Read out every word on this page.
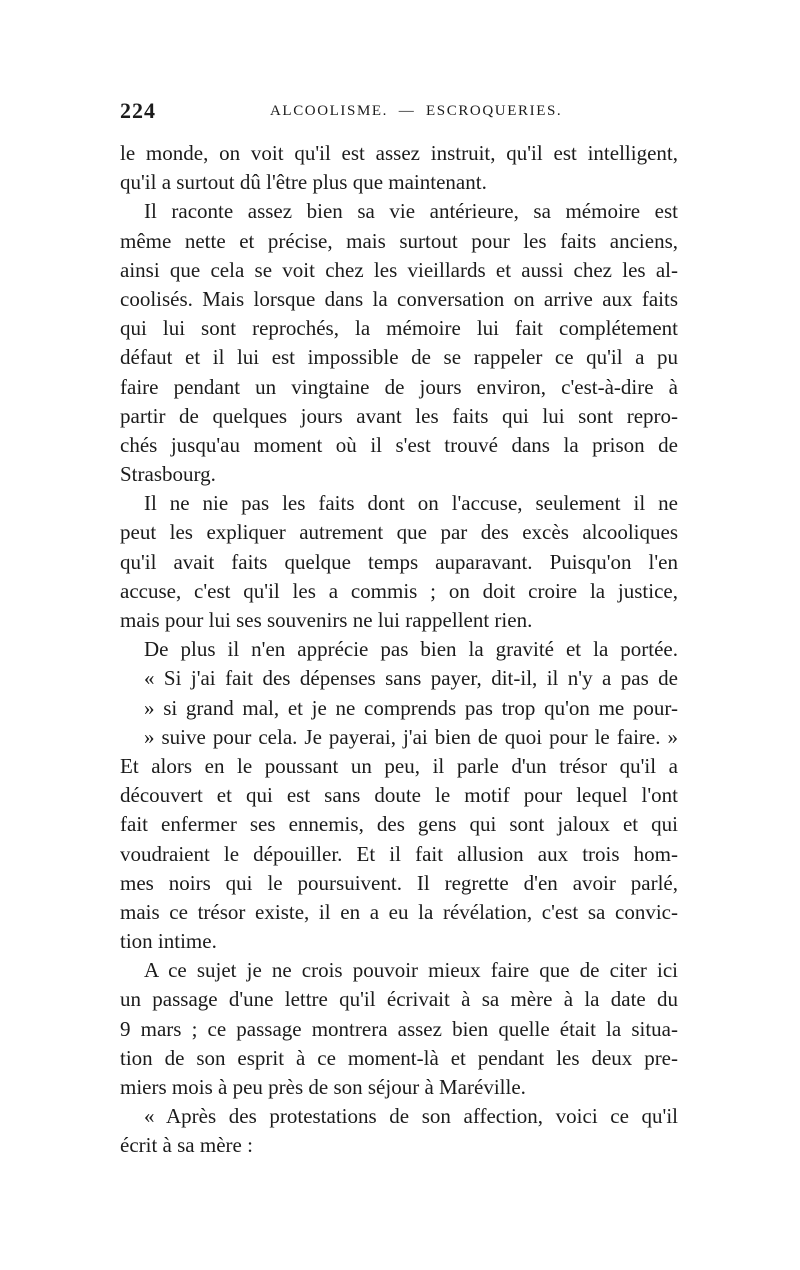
224	ALCOOLISME.  —  ESCROQUERIES.
le monde, on voit qu'il est assez instruit, qu'il est intelligent,
qu'il a surtout dû l'être plus que maintenant.
Il raconte assez bien sa vie antérieure, sa mémoire est
même nette et précise, mais surtout pour les faits anciens,
ainsi que cela se voit chez les vieillards et aussi chez les al-
coolisés. Mais lorsque dans la conversation on arrive aux faits
qui lui sont reprochés, la mémoire lui fait complétement
défaut et il lui est impossible de se rappeler ce qu'il a pu
faire pendant un vingtaine de jours environ, c'est-à-dire à
partir de quelques jours avant les faits qui lui sont repro-
chés jusqu'au moment où il s'est trouvé dans la prison de
Strasbourg.
Il ne nie pas les faits dont on l'accuse, seulement il ne
peut les expliquer autrement que par des excès alcooliques
qu'il avait faits quelque temps auparavant. Puisqu'on l'en
accuse, c'est qu'il les a commis ; on doit croire la justice,
mais pour lui ses souvenirs ne lui rappellent rien.
De plus il n'en apprécie pas bien la gravité et la portée.
« Si j'ai fait des dépenses sans payer, dit-il, il n'y a pas de
» si grand mal, et je ne comprends pas trop qu'on me pour-
» suive pour cela. Je payerai, j'ai bien de quoi pour le faire. »
Et alors en le poussant un peu, il parle d'un trésor qu'il a
découvert et qui est sans doute le motif pour lequel l'ont
fait enfermer ses ennemis, des gens qui sont jaloux et qui
voudraient le dépouiller. Et il fait allusion aux trois hom-
mes noirs qui le poursuivent. Il regrette d'en avoir parlé,
mais ce trésor existe, il en a eu la révélation, c'est sa convic-
tion intime.
A ce sujet je ne crois pouvoir mieux faire que de citer ici
un passage d'une lettre qu'il écrivait à sa mère à la date du
9 mars ; ce passage montrera assez bien quelle était la situa-
tion de son esprit à ce moment-là et pendant les deux pre-
miers mois à peu près de son séjour à Maréville.
« Après des protestations de son affection, voici ce qu'il
écrit à sa mère :
